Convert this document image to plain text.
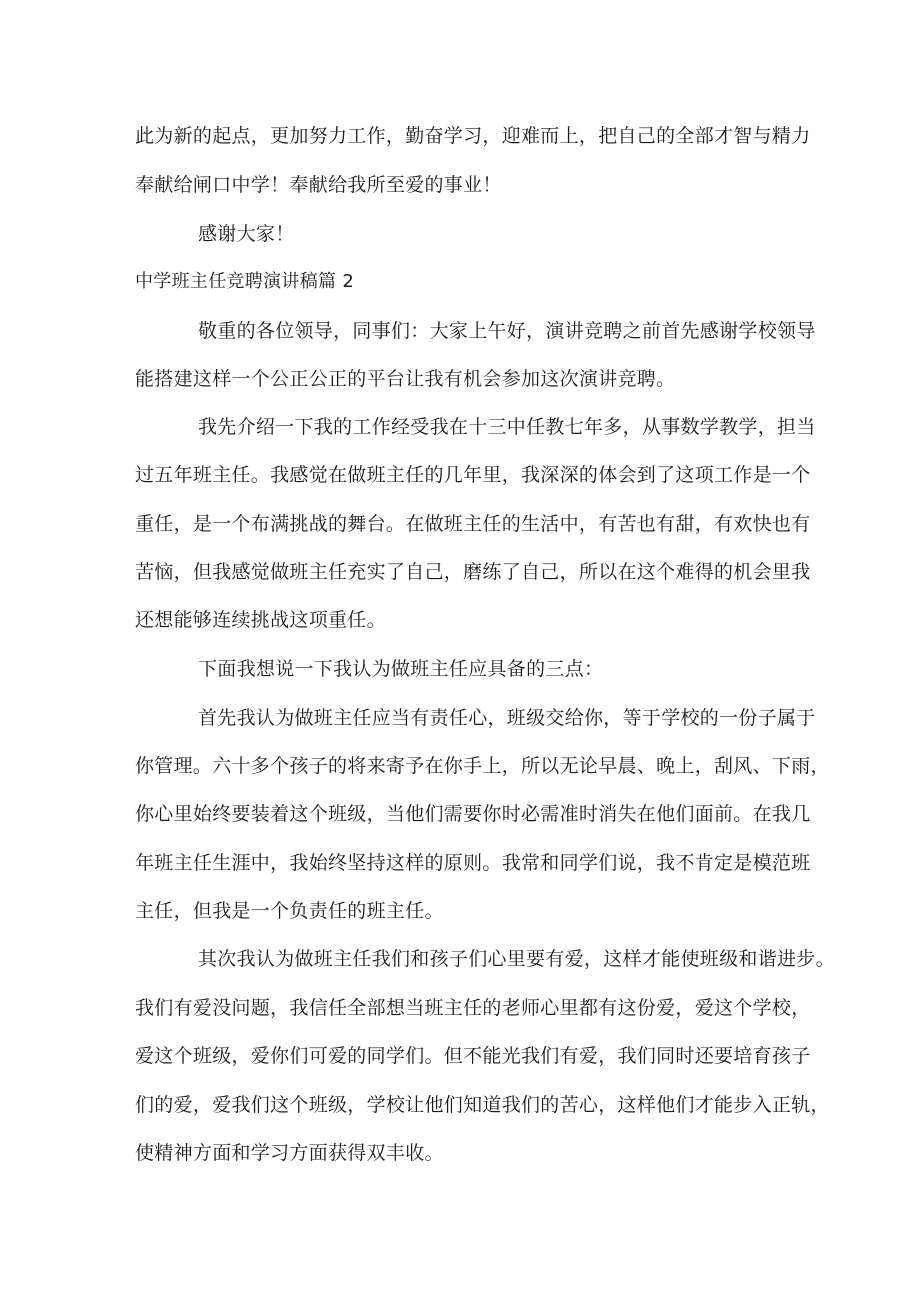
此为新的起点，更加努力工作，勤奋学习，迎难而上，把自己的全部才智与精力
奉献给闸口中学！奉献给我所至爱的事业！
感谢大家！
中学班主任竞聘演讲稿篇 2
敬重的各位领导，同事们：大家上午好，演讲竞聘之前首先感谢学校领导
能搭建这样一个公正公正的平台让我有机会参加这次演讲竞聘。
我先介绍一下我的工作经受我在十三中任教七年多，从事数学教学，担当
过五年班主任。我感觉在做班主任的几年里，我深深的体会到了这项工作是一个
重任，是一个布满挑战的舞台。在做班主任的生活中，有苦也有甜，有欢快也有
苦恼，但我感觉做班主任充实了自己，磨练了自己，所以在这个难得的机会里我
还想能够连续挑战这项重任。
下面我想说一下我认为做班主任应具备的三点：
首先我认为做班主任应当有责任心，班级交给你，等于学校的一份子属于
你管理。六十多个孩子的将来寄予在你手上，所以无论早晨、晚上，刮风、下雨，
你心里始终要装着这个班级，当他们需要你时必需准时消失在他们面前。在我几
年班主任生涯中，我始终坚持这样的原则。我常和同学们说，我不肯定是模范班
主任，但我是一个负责任的班主任。
其次我认为做班主任我们和孩子们心里要有爱，这样才能使班级和谐进步。
我们有爱没问题，我信任全部想当班主任的老师心里都有这份爱，爱这个学校，
爱这个班级，爱你们可爱的同学们。但不能光我们有爱，我们同时还要培育孩子
们的爱，爱我们这个班级，学校让他们知道我们的苦心，这样他们才能步入正轨，
使精神方面和学习方面获得双丰收。
